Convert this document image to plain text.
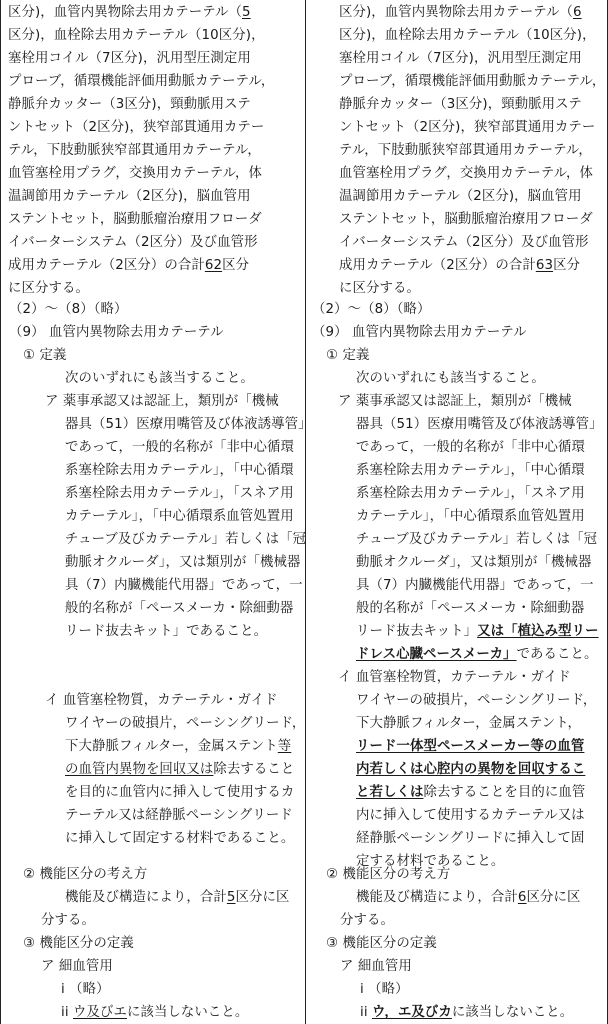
区分)，血管内異物除去用カテーテル（5
区分)，血栓除去用カテーテル（10区分)，
塞栓用コイル（7区分)，汎用型圧測定用
プローブ，循環機能評価用動脈カテーテル，
静脈弁カッター（3区分)，頸動脈用ステ
ントセット（2区分)，狭窄部貫通用カテー
テル，下肢動脈狭窄部貫通用カテーテル，
血管塞栓用プラグ，交換用カテーテル，体
温調節用カテーテル（2区分)，脳血管用
ステントセット，脳動脈瘤治療用フローダ
イバーターシステム（2区分）及び血管形
成用カテーテル（2区分）の合計62区分
に区分する。
（2）～（8）（略）
（9） 血管内異物除去用カテーテル
① 定義
次のいずれにも該当すること。
ア 薬事承認又は認証上，類別が「機械
器具（51）医療用嘴管及び体液誘導管」
であって，一般的名称が「非中心循環
系塞栓除去用カテーテル」，「中心循環
系塞栓除去用カテーテル」，「スネア用
カテーテル」，「中心循環系血管処置用
チューブ及びカテーテル」若しくは「冠
動脈オクルーダ」，又は類別が「機械器
具（7）内臓機能代用器」であって，一
般的名称が「ペースメーカ・除細動器
リード抜去キット」であること。
イ 血管塞栓物質，カテーテル・ガイド
ワイヤーの破損片，ペーシングリード，
下大静脈フィルター，金属ステント等
の血管内異物を回収又は除去すること
を目的に血管内に挿入して使用するカ
テーテル又は経静脈ペーシングリード
に挿入して固定する材料であること。
② 機能区分の考え方
機能及び構造により，合計5区分に区
分する。
③ 機能区分の定義
ア 細血管用
i （略）
ii ウ及びエに該当しないこと。
区分)，血管内異物除去用カテーテル（6
区分)，血栓除去用カテーテル（10区分)，
塞栓用コイル（7区分)，汎用型圧測定用
プローブ，循環機能評価用動脈カテーテル，
静脈弁カッター（3区分)，頸動脈用ステ
ントセット（2区分)，狭窄部貫通用カテー
テル，下肢動脈狭窄部貫通用カテーテル，
血管塞栓用プラグ，交換用カテーテル，体
温調節用カテーテル（2区分)，脳血管用
ステントセット，脳動脈瘤治療用フローダ
イバーターシステム（2区分）及び血管形
成用カテーテル（2区分）の合計63区分
に区分する。
（2）～（8）（略）
（9） 血管内異物除去用カテーテル
① 定義
次のいずれにも該当すること。
ア 薬事承認又は認証上，類別が「機械
器具（51）医療用嘴管及び体液誘導管」
であって，一般的名称が「非中心循環
系塞栓除去用カテーテル」，「中心循環
系塞栓除去用カテーテル」，「スネア用
カテーテル」，「中心循環系血管処置用
チューブ及びカテーテル」若しくは「冠
動脈オクルーダ」，又は類別が「機械器
具（7）内臓機能代用器」であって，一
般的名称が「ペースメーカ・除細動器
リード抜去キット」又は「植込み型リー
ドレス心臓ペースメーカ」であること。
イ 血管塞栓物質，カテーテル・ガイド
ワイヤーの破損片，ペーシングリード，
下大静脈フィルター，金属ステント，
リード一体型ペースメーカー等の血管
内若しくは心腔内の異物を回収するこ
と若しくは除去することを目的に血管
内に挿入して使用するカテーテル又は
経静脈ペーシングリードに挿入して固
定する材料であること。
② 機能区分の考え方
機能及び構造により，合計6区分に区
分する。
③ 機能区分の定義
ア 細血管用
i （略）
ii ウ，エ及びカに該当しないこと。
